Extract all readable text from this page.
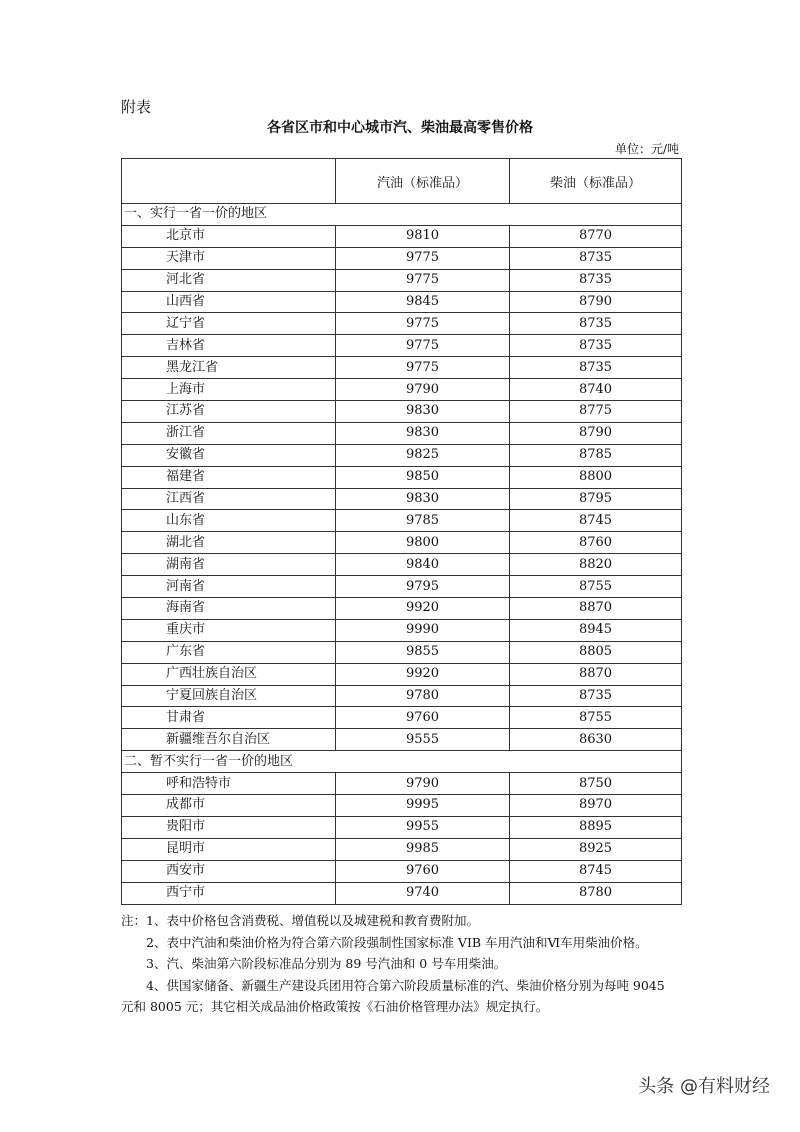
附表
各省区市和中心城市汽、柴油最高零售价格
单位：元/吨
	汽油（标准品）	柴油（标准品）
一、实行一省一价的地区		
北京市	9810	8770
天津市	9775	8735
河北省	9775	8735
山西省	9845	8790
辽宁省	9775	8735
吉林省	9775	8735
黑龙江省	9775	8735
上海市	9790	8740
江苏省	9830	8775
浙江省	9830	8790
安徽省	9825	8785
福建省	9850	8800
江西省	9830	8795
山东省	9785	8745
湖北省	9800	8760
湖南省	9840	8820
河南省	9795	8755
海南省	9920	8870
重庆市	9990	8945
广东省	9855	8805
广西壮族自治区	9920	8870
宁夏回族自治区	9780	8735
甘肃省	9760	8755
新疆维吾尔自治区	9555	8630
二、暂不实行一省一价的地区		
呼和浩特市	9790	8750
成都市	9995	8970
贵阳市	9955	8895
昆明市	9985	8925
西安市	9760	8745
西宁市	9740	8780

注：1、表中价格包含消费税、增值税以及城建税和教育费附加。

2、表中汽油和柴油价格为符合第六阶段强制性国家标准 VIB 车用汽油和Ⅵ车用柴油价格。

3、汽、柴油第六阶段标准品分别为 89 号汽油和 0 号车用柴油。

4、供国家储备、新疆生产建设兵团用符合第六阶段质量标准的汽、柴油价格分别为每吨 9045 元和 8005 元；其它相关成品油价格政策按《石油价格管理办法》规定执行。

头条 @有料财经
